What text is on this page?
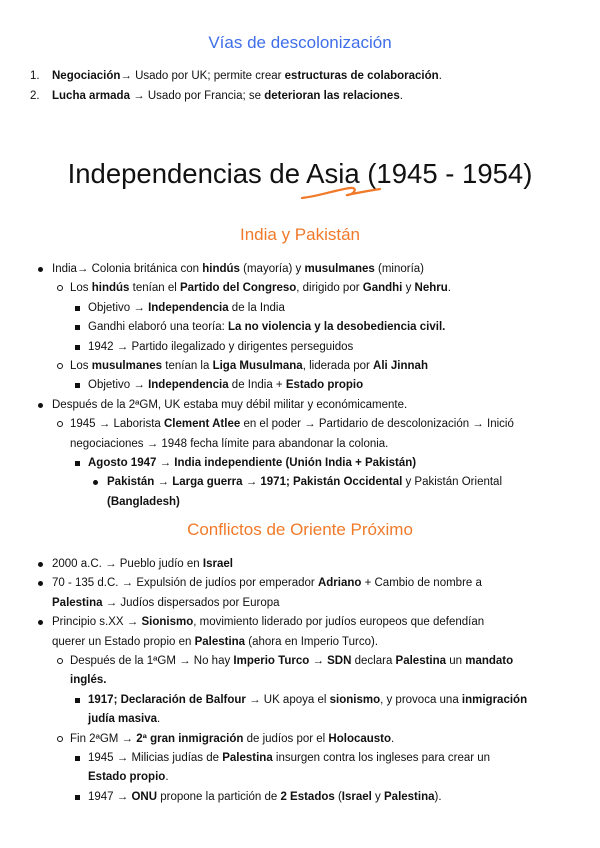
Vías de descolonización
1.	Negociación→ Usado por UK; permite crear estructuras de colaboración.
2.	Lucha armada → Usado por Francia; se deterioran las relaciones.
Independencias de Asia (1945 - 1954)
India y Pakistán
India→ Colonia británica con hindús (mayoría) y musulmanes (minoría)
Los hindús tenían el Partido del Congreso, dirigido por Gandhi y Nehru.
Objetivo → Independencia de la India
Gandhi elaboró una teoría: La no violencia y la desobediencia civil.
1942 → Partido ilegalizado y dirigentes perseguidos
Los musulmanes tenían la Liga Musulmana, liderada por Ali Jinnah
Objetivo → Independencia de India + Estado propio
Después de la 2ªGM, UK estaba muy débil militar y económicamente.
1945 → Laborista Clement Atlee en el poder → Partidario de descolonización → Inició
negociaciones → 1948 fecha límite para abandonar la colonia.
Agosto 1947 → India independiente (Unión India + Pakistán)
Pakistán → Larga guerra → 1971; Pakistán Occidental y Pakistán Oriental
(Bangladesh)
Conflictos de Oriente Próximo
2000 a.C. → Pueblo judío en Israel
70 - 135 d.C. → Expulsión de judíos por emperador Adriano + Cambio de nombre a
Palestina → Judíos dispersados por Europa
Principio s.XX → Sionismo, movimiento liderado por judíos europeos que defendían
querer un Estado propio en Palestina (ahora en Imperio Turco).
Después de la 1ªGM → No hay Imperio Turco → SDN declara Palestina un mandato
inglés.
1917; Declaración de Balfour → UK apoya el sionismo, y provoca una inmigración
judía masiva.
Fin 2ªGM → 2ª gran inmigración de judíos por el Holocausto.
1945 → Milicias judías de Palestina insurgen contra los ingleses para crear un
Estado propio.
1947 → ONU propone la partición de 2 Estados (Israel y Palestina).
